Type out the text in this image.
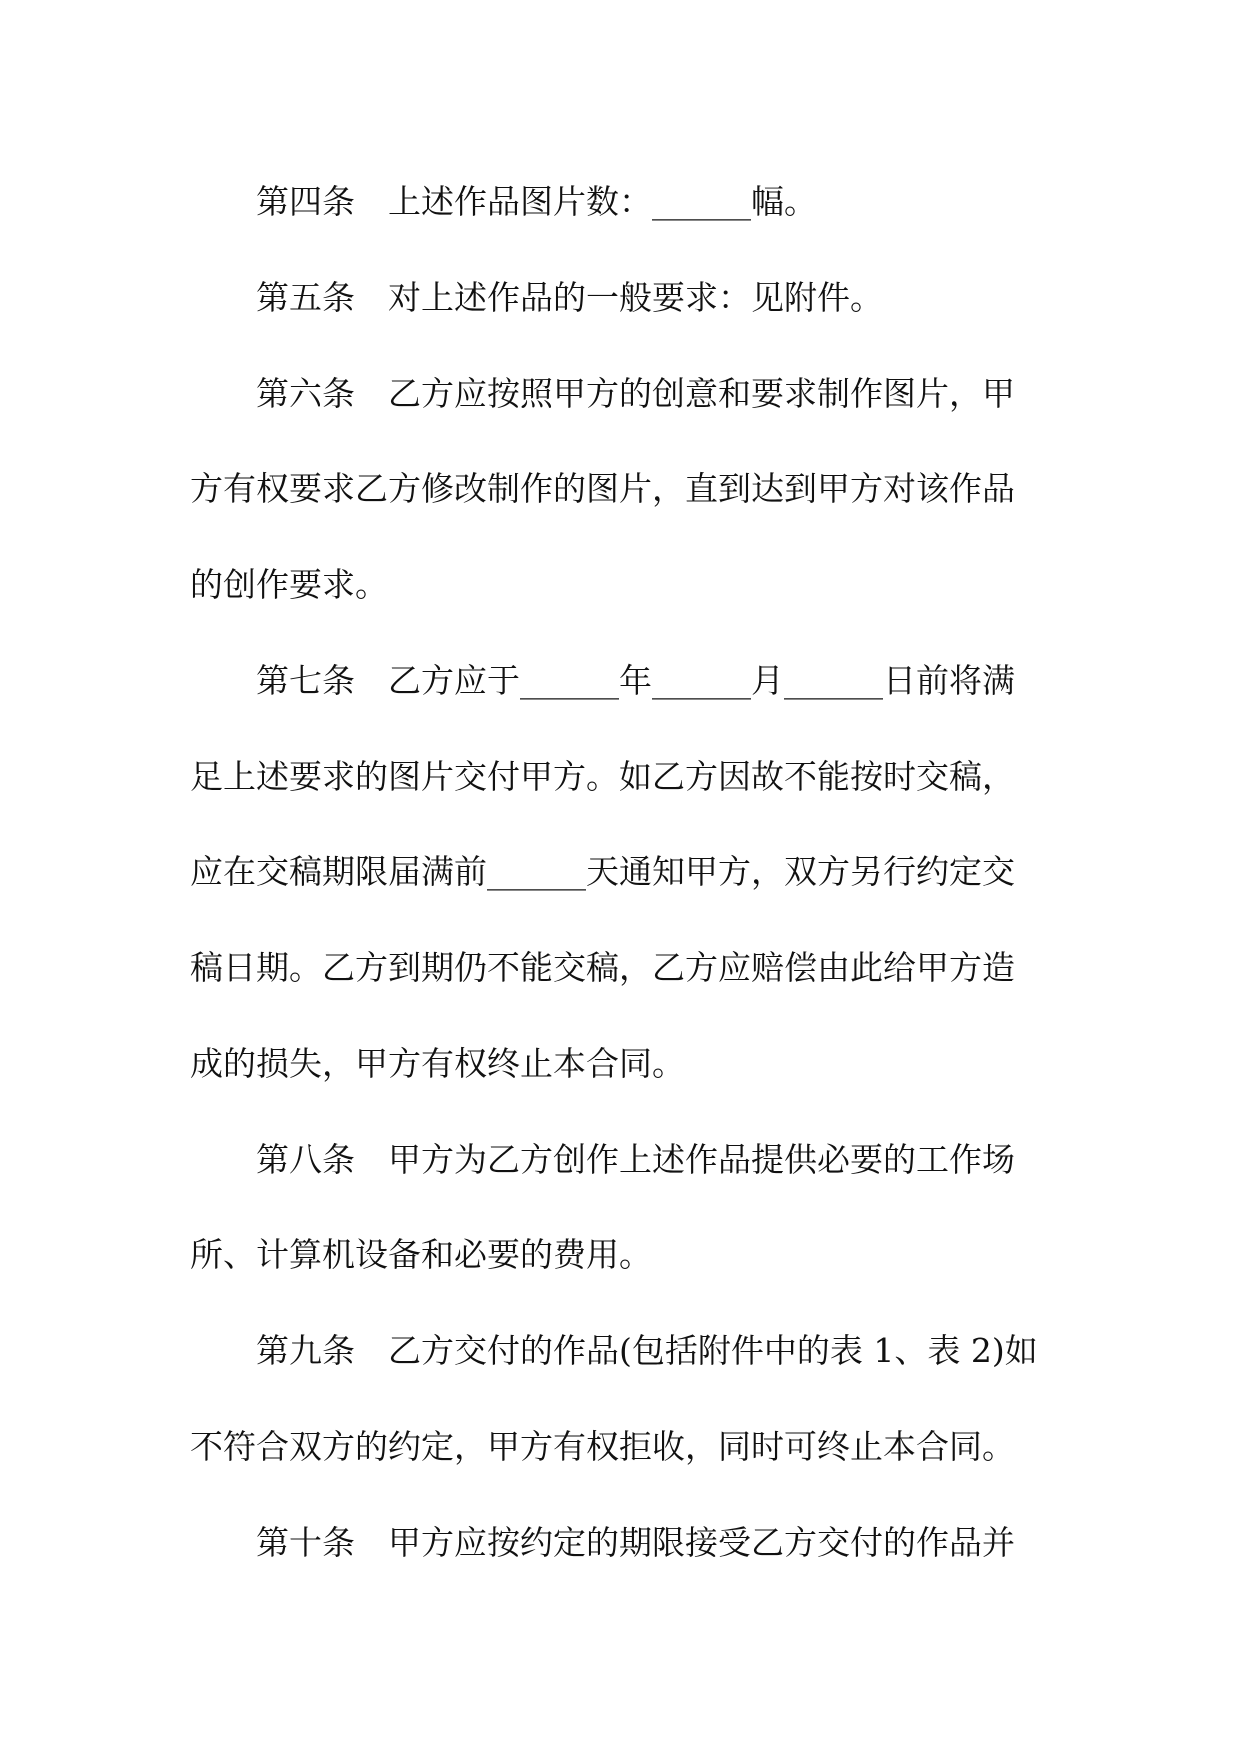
第四条　上述作品图片数：______幅。
第五条　对上述作品的一般要求：见附件。
第六条　乙方应按照甲方的创意和要求制作图片，甲
方有权要求乙方修改制作的图片，直到达到甲方对该作品
的创作要求。
第七条　乙方应于______年______月______日前将满
足上述要求的图片交付甲方。如乙方因故不能按时交稿，
应在交稿期限届满前______天通知甲方，双方另行约定交
稿日期。乙方到期仍不能交稿，乙方应赔偿由此给甲方造
成的损失，甲方有权终止本合同。
第八条　甲方为乙方创作上述作品提供必要的工作场
所、计算机设备和必要的费用。
第九条　乙方交付的作品(包括附件中的表 1、表 2)如
不符合双方的约定，甲方有权拒收，同时可终止本合同。
第十条　甲方应按约定的期限接受乙方交付的作品并
